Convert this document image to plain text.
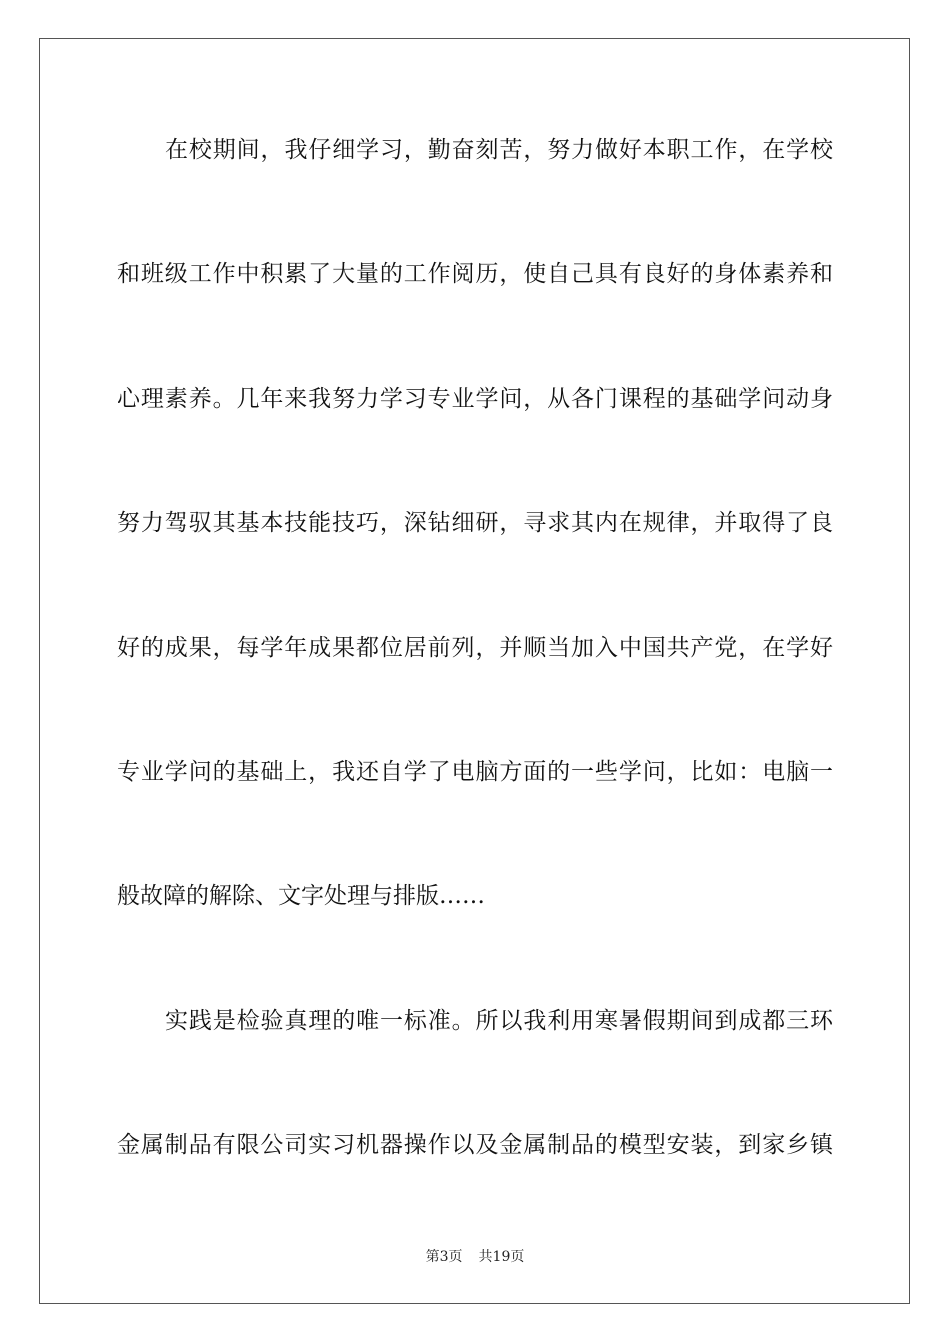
在校期间，我仔细学习，勤奋刻苦，努力做好本职工作，在学校
和班级工作中积累了大量的工作阅历，使自己具有良好的身体素养和
心理素养。几年来我努力学习专业学问，从各门课程的基础学问动身
努力驾驭其基本技能技巧，深钻细研，寻求其内在规律，并取得了良
好的成果，每学年成果都位居前列，并顺当加入中国共产党，在学好
专业学问的基础上，我还自学了电脑方面的一些学问，比如：电脑一
般故障的解除、文字处理与排版……
实践是检验真理的唯一标准。所以我利用寒暑假期间到成都三环
金属制品有限公司实习机器操作以及金属制品的模型安装，到家乡镇
第3页 共19页
